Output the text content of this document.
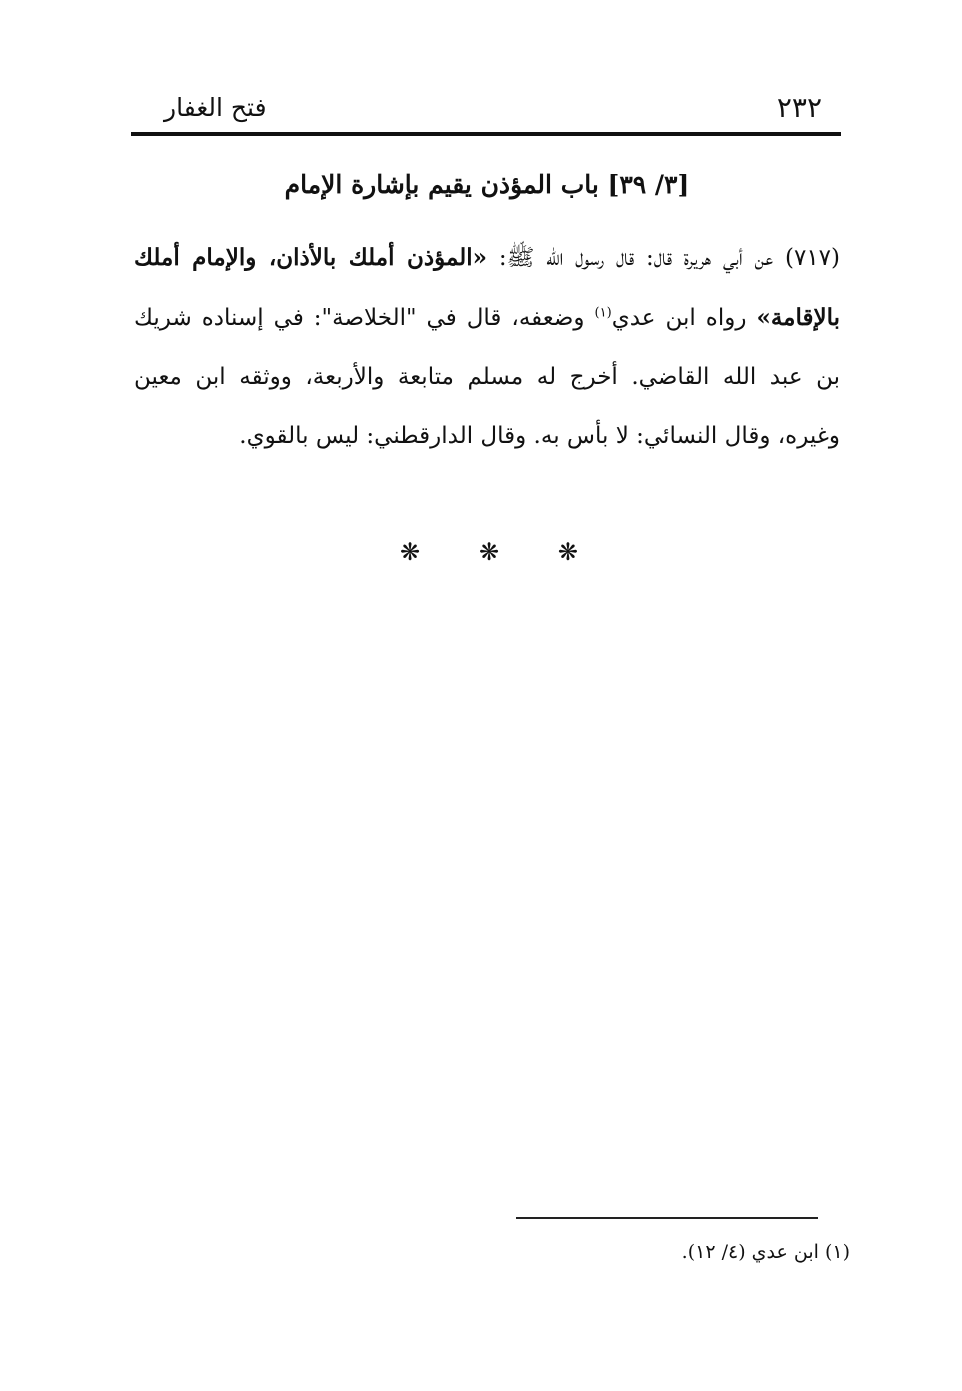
٢٣٢
فتح الغفار
[٣/ ٣٩] باب المؤذن يقيم بإشارة الإمام
(٧١٧) عن أبي هريرة قال: قال رسول الله ﷺ: «المؤذن أملك بالأذان، والإمام أملك بالإقامة» رواه ابن عدي$^{(١)}$ وضعفه، قال في "الخلاصة": في إسناده شريك بن عبد الله القاضي. أخرج له مسلم متابعة والأربعة، ووثقه ابن معين وغيره، وقال النسائي: لا بأس به. وقال الدارقطني: ليس بالقوي.
❋ ❋ ❋
(١) ابن عدي (٤/ ١٢).
